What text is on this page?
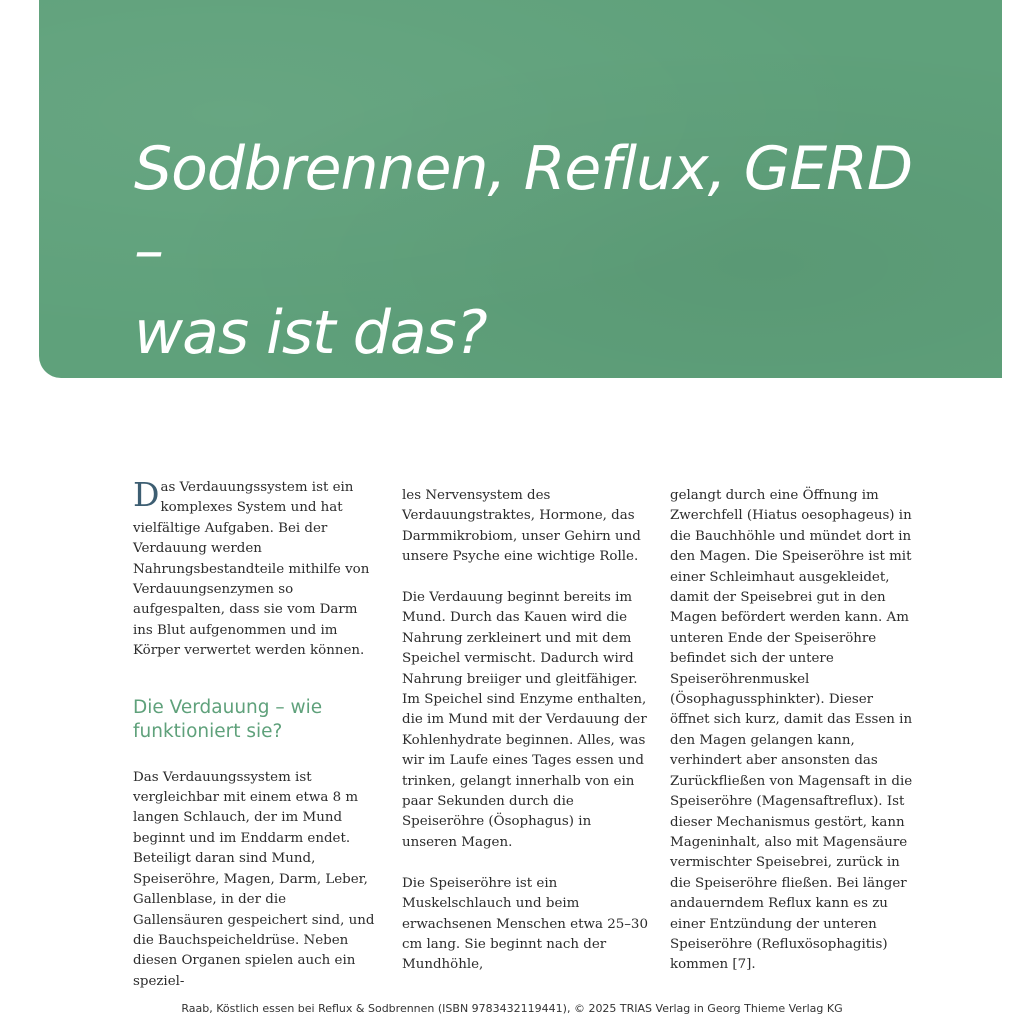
Sodbrennen, Reflux, GERD –
was ist das?

Das Verdauungssystem ist ein komplexes System und hat vielfältige Aufgaben. Bei der Verdauung werden Nahrungsbestandteile mithilfe von Verdauungsenzymen so aufgespalten, dass sie vom Darm ins Blut aufgenommen und im Körper verwertet werden können.

Die Verdauung – wie funktioniert sie?

Das Verdauungssystem ist vergleichbar mit einem etwa 8 m langen Schlauch, der im Mund beginnt und im Enddarm endet. Beteiligt daran sind Mund, Speiseröhre, Magen, Darm, Leber, Gallenblase, in der die Gallensäuren gespeichert sind, und die Bauchspeicheldrüse. Neben diesen Organen spielen auch ein speziel-

les Nervensystem des Verdauungstraktes, Hormone, das Darmmikrobiom, unser Gehirn und unsere Psyche eine wichtige Rolle.

Die Verdauung beginnt bereits im Mund. Durch das Kauen wird die Nahrung zerkleinert und mit dem Speichel vermischt. Dadurch wird Nahrung breiiger und gleitfähiger. Im Speichel sind Enzyme enthalten, die im Mund mit der Verdauung der Kohlenhydrate beginnen. Alles, was wir im Laufe eines Tages essen und trinken, gelangt innerhalb von ein paar Sekunden durch die Speiseröhre (Ösophagus) in unseren Magen.

Die Speiseröhre ist ein Muskelschlauch und beim erwachsenen Menschen etwa 25–30 cm lang. Sie beginnt nach der Mundhöhle,

gelangt durch eine Öffnung im Zwerchfell (Hiatus oesophageus) in die Bauchhöhle und mündet dort in den Magen. Die Speiseröhre ist mit einer Schleimhaut ausgekleidet, damit der Speisebrei gut in den Magen befördert werden kann. Am unteren Ende der Speiseröhre befindet sich der untere Speiseröhrenmuskel (Ösophagussphinkter). Dieser öffnet sich kurz, damit das Essen in den Magen gelangen kann, verhindert aber ansonsten das Zurückfließen von Magensaft in die Speiseröhre (Magensaftreflux). Ist dieser Mechanismus gestört, kann Mageninhalt, also mit Magensäure vermischter Speisebrei, zurück in die Speiseröhre fließen. Bei länger andauerndem Reflux kann es zu einer Entzündung der unteren Speiseröhre (Refluxösophagitis) kommen [7].

Raab, Köstlich essen bei Reflux & Sodbrennen (ISBN 9783432119441), © 2025 TRIAS Verlag in Georg Thieme Verlag KG
